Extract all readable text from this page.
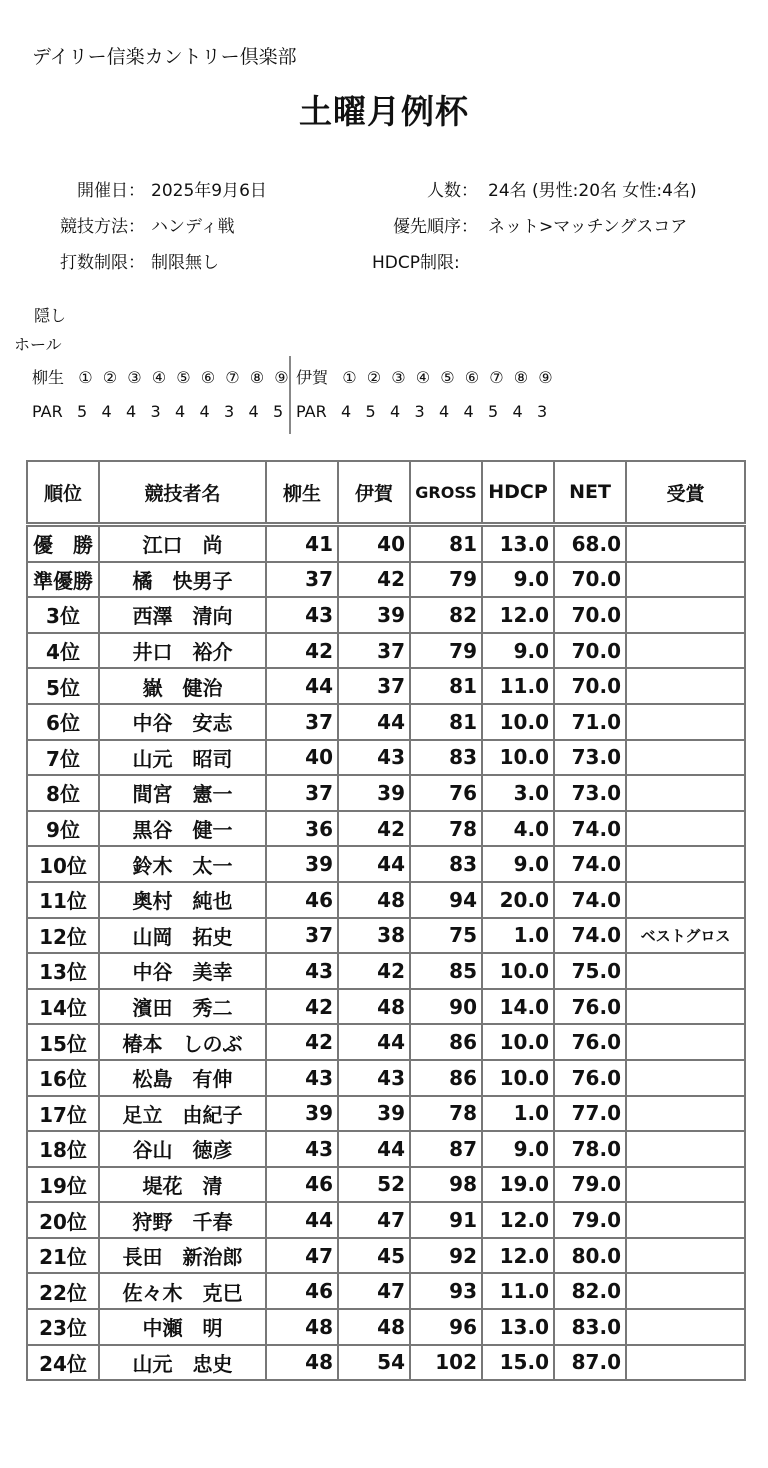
デイリー信楽カントリー倶楽部
土曜月例杯
開催日： 2025年9月6日
競技方法： ハンディ戦
打数制限： 制限無し
人数： 24名 (男性:20名 女性:4名)
優先順序： ネット>マッチングスコア
HDCP制限:
隠し
ホール
柳生 ① ② ③ ④ ⑤ ⑥ ⑦ ⑧ ⑨
PAR 5 4 4 3 4 4 3 4 5
伊賀 ① ② ③ ④ ⑤ ⑥ ⑦ ⑧ ⑨
PAR 4 5 4 3 4 4 5 4 3
順位	競技者名	柳生	伊賀	GROSS	HDCP	NET	受賞
優　勝	江口　尚	41	40	81	13.0	68.0	
準優勝	橘　快男子	37	42	79	9.0	70.0	
3位	西澤　清向	43	39	82	12.0	70.0	
4位	井口　裕介	42	37	79	9.0	70.0	
5位	嶽　健治	44	37	81	11.0	70.0	
6位	中谷　安志	37	44	81	10.0	71.0	
7位	山元　昭司	40	43	83	10.0	73.0	
8位	間宮　憲一	37	39	76	3.0	73.0	
9位	黒谷　健一	36	42	78	4.0	74.0	
10位	鈴木　太一	39	44	83	9.0	74.0	
11位	奥村　純也	46	48	94	20.0	74.0	
12位	山岡　拓史	37	38	75	1.0	74.0	ベストグロス
13位	中谷　美幸	43	42	85	10.0	75.0	
14位	濱田　秀二	42	48	90	14.0	76.0	
15位	椿本　しのぶ	42	44	86	10.0	76.0	
16位	松島　有伸	43	43	86	10.0	76.0	
17位	足立　由紀子	39	39	78	1.0	77.0	
18位	谷山　徳彦	43	44	87	9.0	78.0	
19位	堤花　清	46	52	98	19.0	79.0	
20位	狩野　千春	44	47	91	12.0	79.0	
21位	長田　新治郎	47	45	92	12.0	80.0	
22位	佐々木　克巳	46	47	93	11.0	82.0	
23位	中瀬　明	48	48	96	13.0	83.0	
24位	山元　忠史	48	54	102	15.0	87.0	
